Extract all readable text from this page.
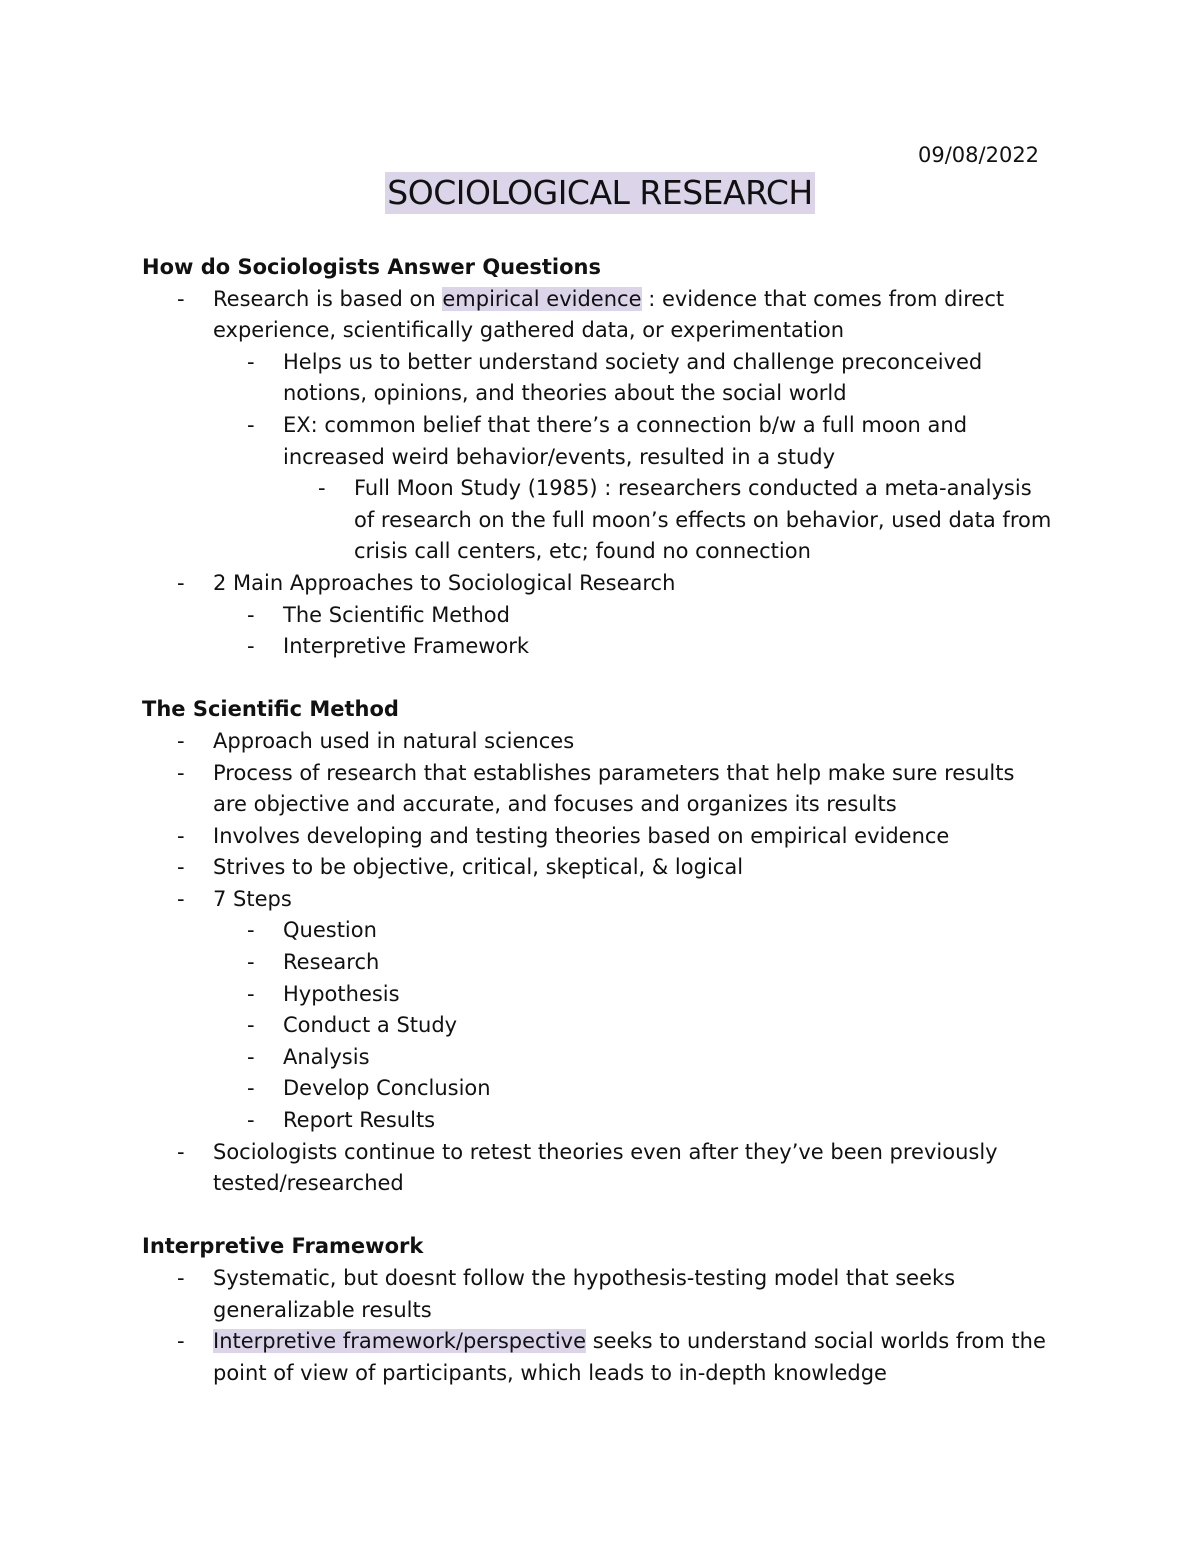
09/08/2022
SOCIOLOGICAL RESEARCH
How do Sociologists Answer Questions
- Research is based on empirical evidence : evidence that comes from direct experience, scientifically gathered data, or experimentation
- Helps us to better understand society and challenge preconceived notions, opinions, and theories about the social world
- EX: common belief that there’s a connection b/w a full moon and increased weird behavior/events, resulted in a study
- Full Moon Study (1985) : researchers conducted a meta-analysis of research on the full moon’s effects on behavior, used data from crisis call centers, etc; found no connection
- 2 Main Approaches to Sociological Research
- The Scientific Method
- Interpretive Framework
The Scientific Method
- Approach used in natural sciences
- Process of research that establishes parameters that help make sure results are objective and accurate, and focuses and organizes its results
- Involves developing and testing theories based on empirical evidence
- Strives to be objective, critical, skeptical, & logical
- 7 Steps
- Question
- Research
- Hypothesis
- Conduct a Study
- Analysis
- Develop Conclusion
- Report Results
- Sociologists continue to retest theories even after they’ve been previously tested/researched
Interpretive Framework
- Systematic, but doesnt follow the hypothesis-testing model that seeks generalizable results
- Interpretive framework/perspective seeks to understand social worlds from the point of view of participants, which leads to in-depth knowledge
